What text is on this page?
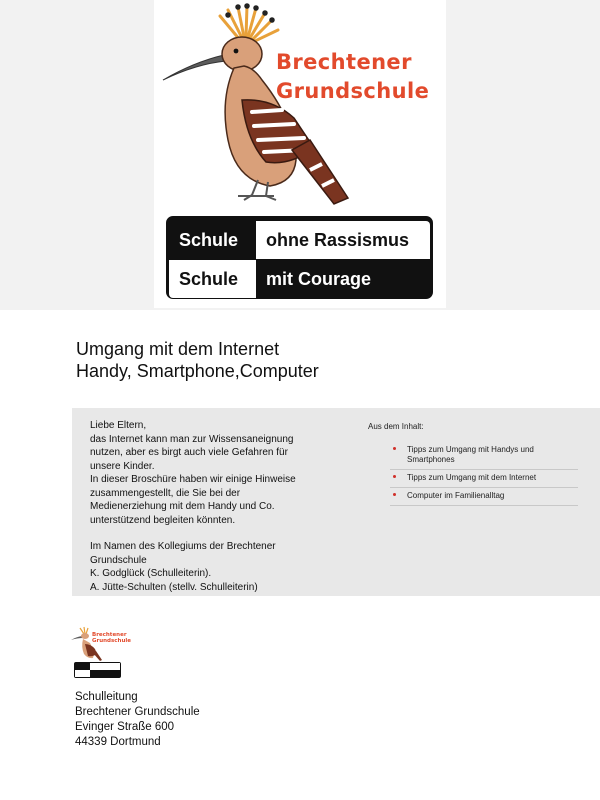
Brechtener
Grundschule
Schule	ohne Rassismus
Schule	mit Courage
Umgang mit dem Internet
Handy, Smartphone,Computer
Liebe Eltern,
das Internet kann man zur Wissensaneignung
nutzen, aber es birgt auch viele Gefahren für
unsere Kinder.
In dieser Broschüre haben wir einige Hinweise
zusammengestellt, die Sie bei der
Medienerziehung mit dem Handy und Co.
unterstützend begleiten könnten.
Im Namen des Kollegiums der Brechtener
Grundschule
K. Godglück (Schulleiterin).
A. Jütte-Schulten (stellv. Schulleiterin)
Aus dem Inhalt:
Tipps zum Umgang mit Handys und Smartphones
Tipps zum Umgang mit dem Internet
Computer im Familienalltag
Brechtener
Grundschule
Schulleitung
Brechtener Grundschule
Evinger Straße 600
44339 Dortmund
